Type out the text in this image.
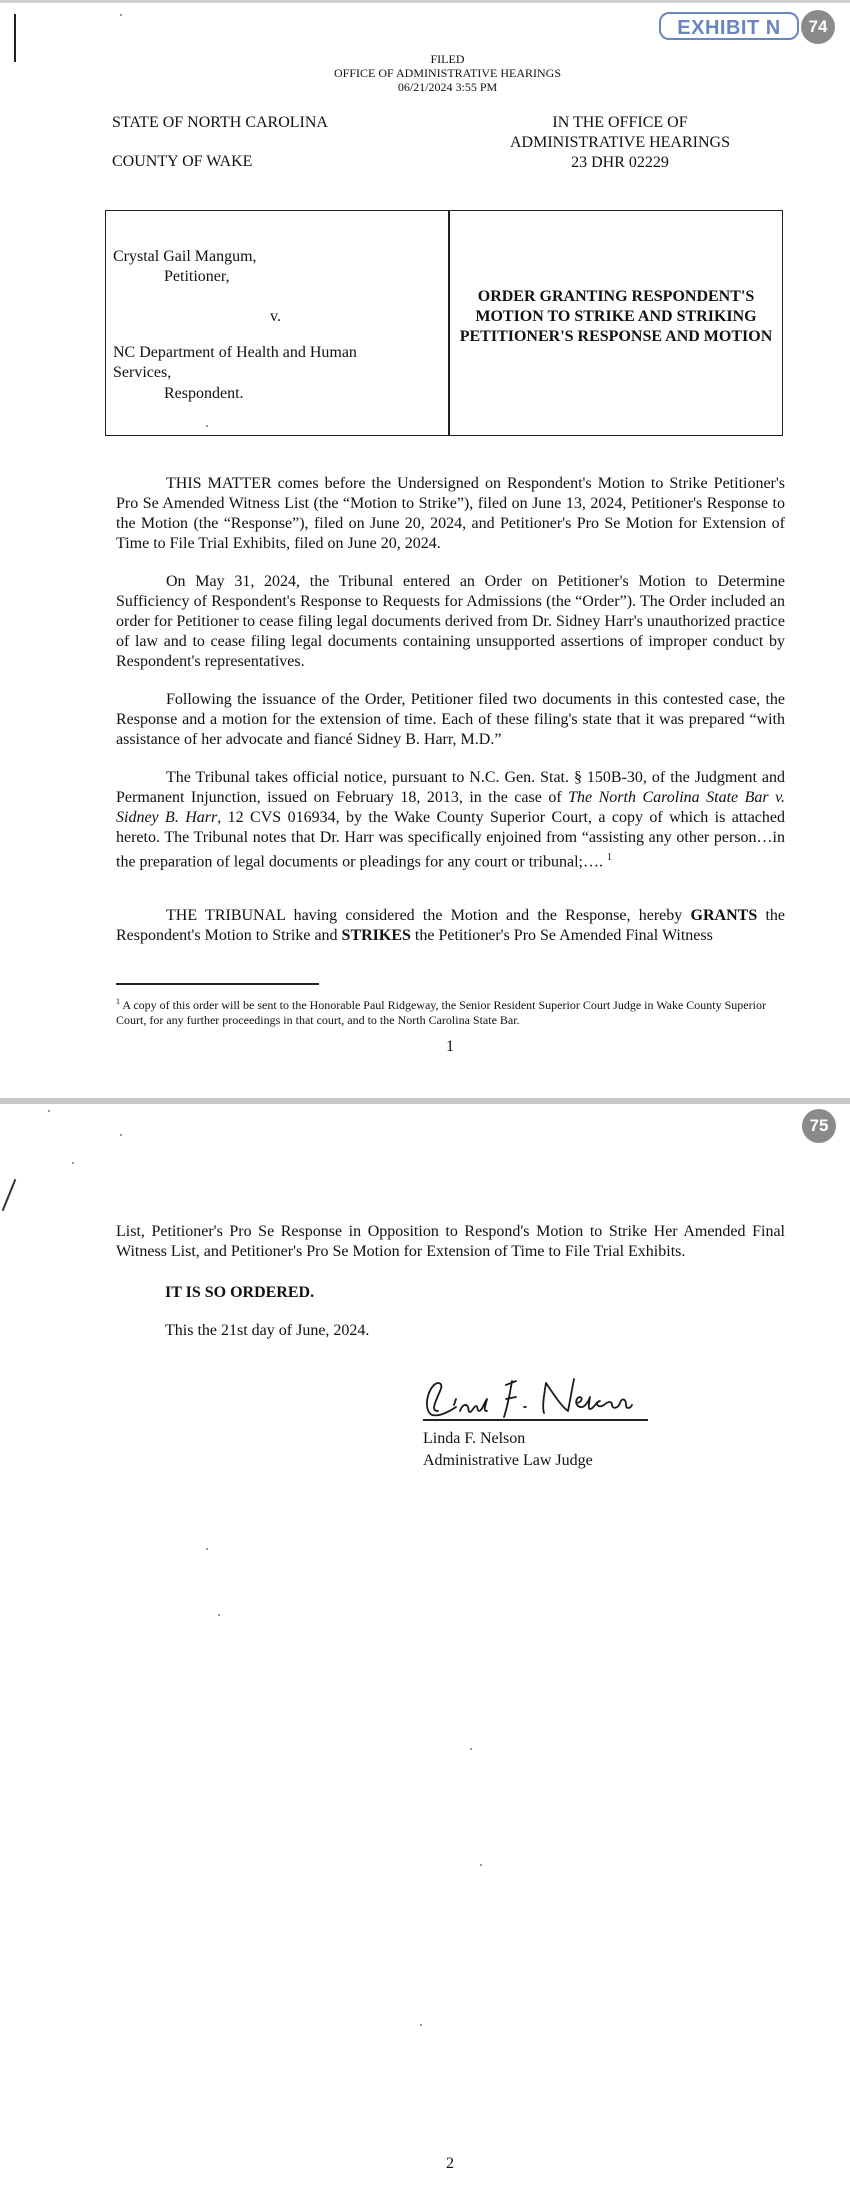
EXHIBIT N	74
FILED
OFFICE OF ADMINISTRATIVE HEARINGS
06/21/2024 3:55 PM
STATE OF NORTH CAROLINA
COUNTY OF WAKE
IN THE OFFICE OF
ADMINISTRATIVE HEARINGS
23 DHR 02229
Crystal Gail Mangum,
Petitioner,
v.
NC Department of Health and Human
Services,
Respondent.
ORDER GRANTING RESPONDENT'S MOTION TO STRIKE AND STRIKING PETITIONER'S RESPONSE AND MOTION

THIS MATTER comes before the Undersigned on Respondent's Motion to Strike Petitioner's Pro Se Amended Witness List (the “Motion to Strike”), filed on June 13, 2024, Petitioner's Response to the Motion (the “Response”), filed on June 20, 2024, and Petitioner's Pro Se Motion for Extension of Time to File Trial Exhibits, filed on June 20, 2024.

On May 31, 2024, the Tribunal entered an Order on Petitioner's Motion to Determine Sufficiency of Respondent's Response to Requests for Admissions (the “Order”). The Order included an order for Petitioner to cease filing legal documents derived from Dr. Sidney Harr's unauthorized practice of law and to cease filing legal documents containing unsupported assertions of improper conduct by Respondent's representatives.

Following the issuance of the Order, Petitioner filed two documents in this contested case, the Response and a motion for the extension of time. Each of these filing's state that it was prepared “with assistance of her advocate and fiancé Sidney B. Harr, M.D.”

The Tribunal takes official notice, pursuant to N.C. Gen. Stat. § 150B-30, of the Judgment and Permanent Injunction, issued on February 18, 2013, in the case of The North Carolina State Bar v. Sidney B. Harr, 12 CVS 016934, by the Wake County Superior Court, a copy of which is attached hereto. The Tribunal notes that Dr. Harr was specifically enjoined from “assisting any other person…in the preparation of legal documents or pleadings for any court or tribunal;…. $^1$

THE TRIBUNAL having considered the Motion and the Response, hereby GRANTS the Respondent's Motion to Strike and STRIKES the Petitioner's Pro Se Amended Final Witness

$^1$ A copy of this order will be sent to the Honorable Paul Ridgeway, the Senior Resident Superior Court Judge in Wake County Superior Court, for any further proceedings in that court, and to the North Carolina State Bar.

1
75

List, Petitioner's Pro Se Response in Opposition to Respond's Motion to Strike Her Amended Final Witness List, and Petitioner's Pro Se Motion for Extension of Time to File Trial Exhibits.

IT IS SO ORDERED.
This the 21st day of June, 2024.
Linda F. Nelson
Administrative Law Judge
2
